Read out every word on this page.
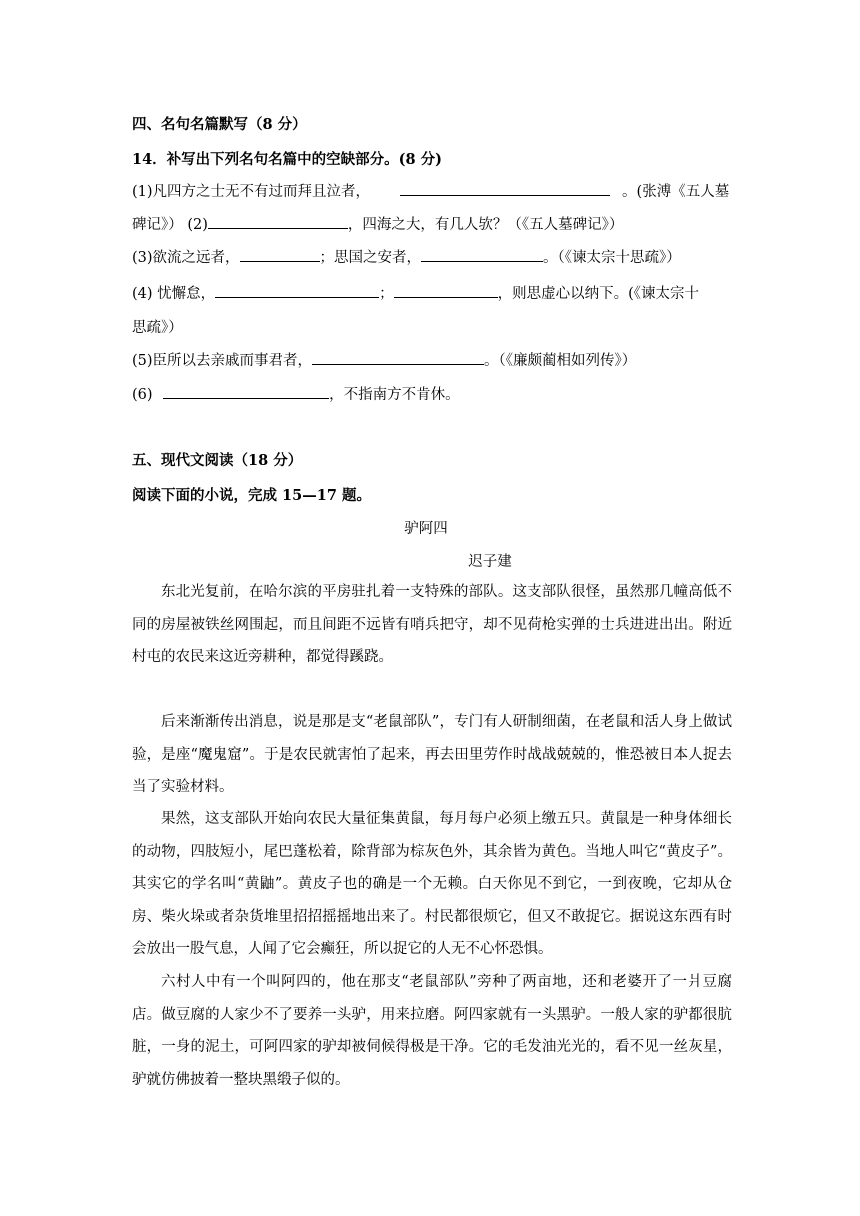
四、名句名篇默写（8 分）
14．补写出下列名句名篇中的空缺部分。(8 分)
(1)凡四方之士无不有过而拜且泣者，	。(张溥《五人墓
碑记》） (2)	，四海之大，有几人欤？（《五人墓碑记》）
(3)欲流之远者，	；思国之安者，	。（《谏太宗十思疏》）
(4) 忧懈怠，	；	，则思虚心以纳下。(《谏太宗十
思疏》）
(5)臣所以去亲戚而事君者，	。（《廉颇蔺相如列传》）
(6)	，不指南方不肯休。
五、现代文阅读（18 分）
阅读下面的小说，完成 15—17 题。
驴阿四
迟子建

东北光复前，在哈尔滨的平房驻扎着一支特殊的部队。这支部队很怪，虽然那几幢高低不同的房屋被铁丝网围起，而且间距不远皆有哨兵把守，却不见荷枪实弹的士兵进进出出。附近村屯的农民来这近旁耕种，都觉得蹊跷。

后来渐渐传出消息，说是那是支“老鼠部队”，专门有人研制细菌，在老鼠和活人身上做试验，是座“魔鬼窟”。于是农民就害怕了起来，再去田里劳作时战战兢兢的，惟恐被日本人捉去当了实验材料。

果然，这支部队开始向农民大量征集黄鼠，每月每户必须上缴五只。黄鼠是一种身体细长的动物，四肢短小，尾巴蓬松着，除背部为棕灰色外，其余皆为黄色。当地人叫它“黄皮子”。其实它的学名叫“黄鼬”。黄皮子也的确是一个无赖。白天你见不到它，一到夜晚，它却从仓房、柴火垛或者杂货堆里招招摇摇地出来了。村民都很烦它，但又不敢捉它。据说这东西有时会放出一股气息，人闻了它会癫狂，所以捉它的人无不心怀恐惧。

六村人中有一个叫阿四的，他在那支“老鼠部队”旁种了两亩地，还和老婆开了一爿豆腐店。做豆腐的人家少不了要养一头驴，用来拉磨。阿四家就有一头黑驴。一般人家的驴都很肮脏，一身的泥土，可阿四家的驴却被伺候得极是干净。它的毛发油光光的，看不见一丝灰星，驴就仿佛披着一整块黑缎子似的。
